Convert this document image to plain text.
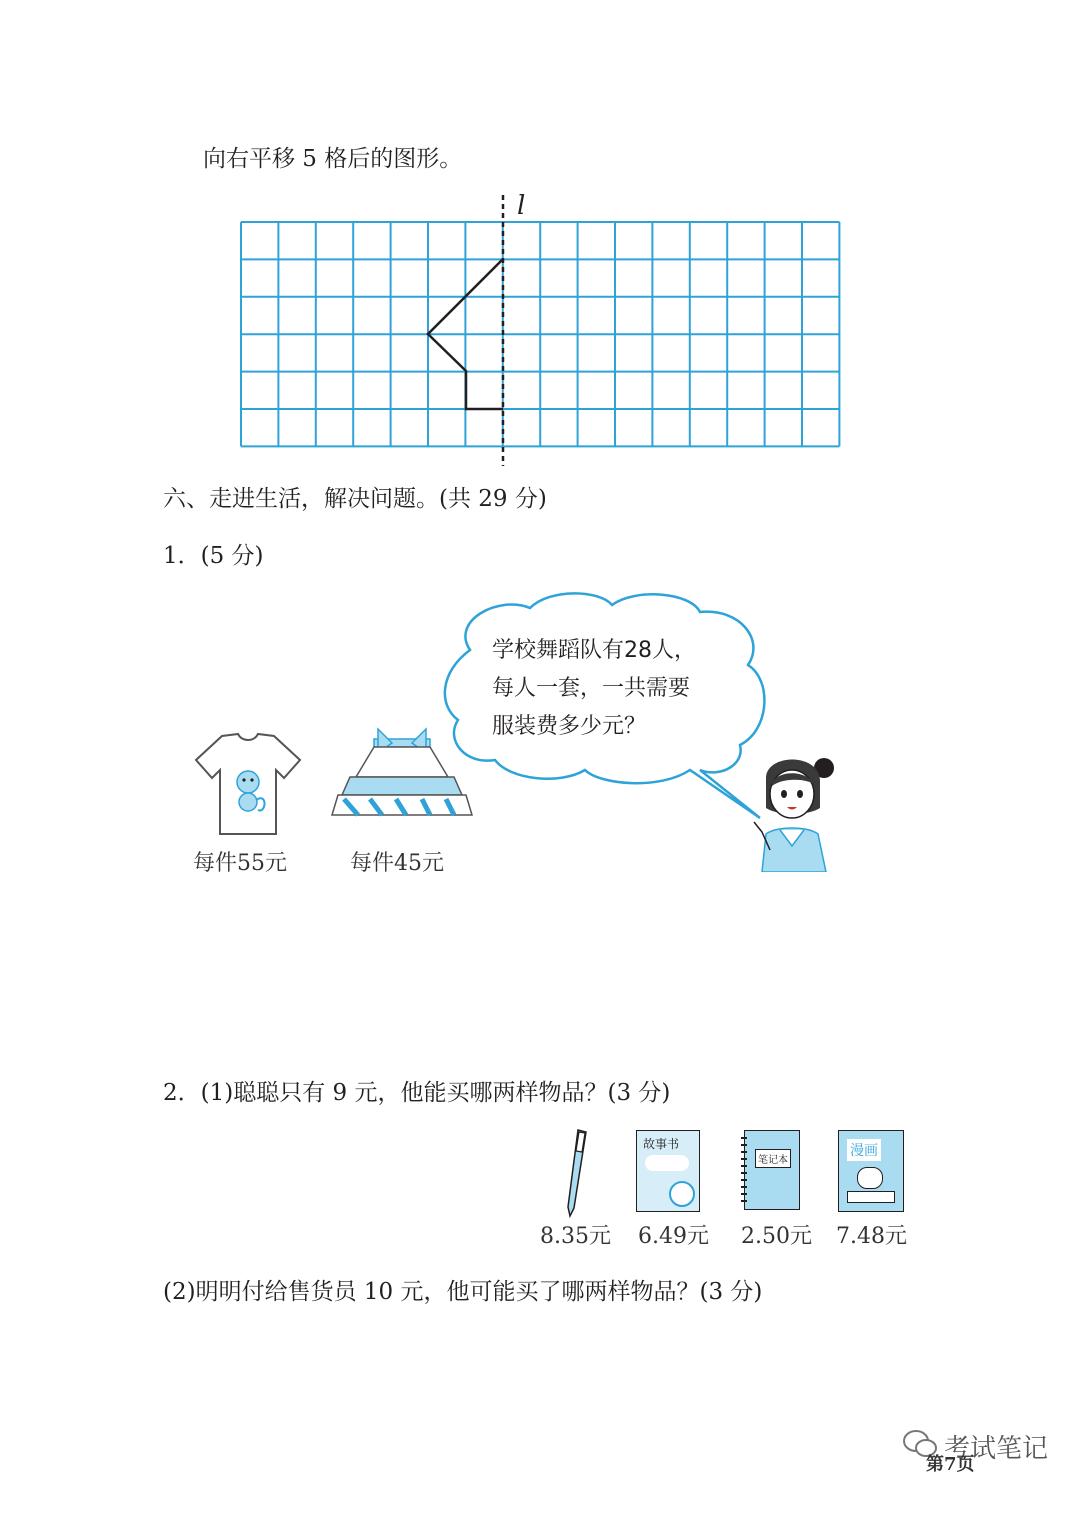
向右平移 5 格后的图形。
l
六、走进生活，解决问题。(共 29 分)
1．(5 分)
学校舞蹈队有28人，
每人一套，一共需要
服装费多少元？
每件55元	每件45元
2．(1)聪聪只有 9 元，他能买哪两样物品？(3 分)
8.35元
故事书
6.49元
笔记本
2.50元
漫画
7.48元
(2)明明付给售货员 10 元，他可能买了哪两样物品？(3 分)
考试笔记
第7页
